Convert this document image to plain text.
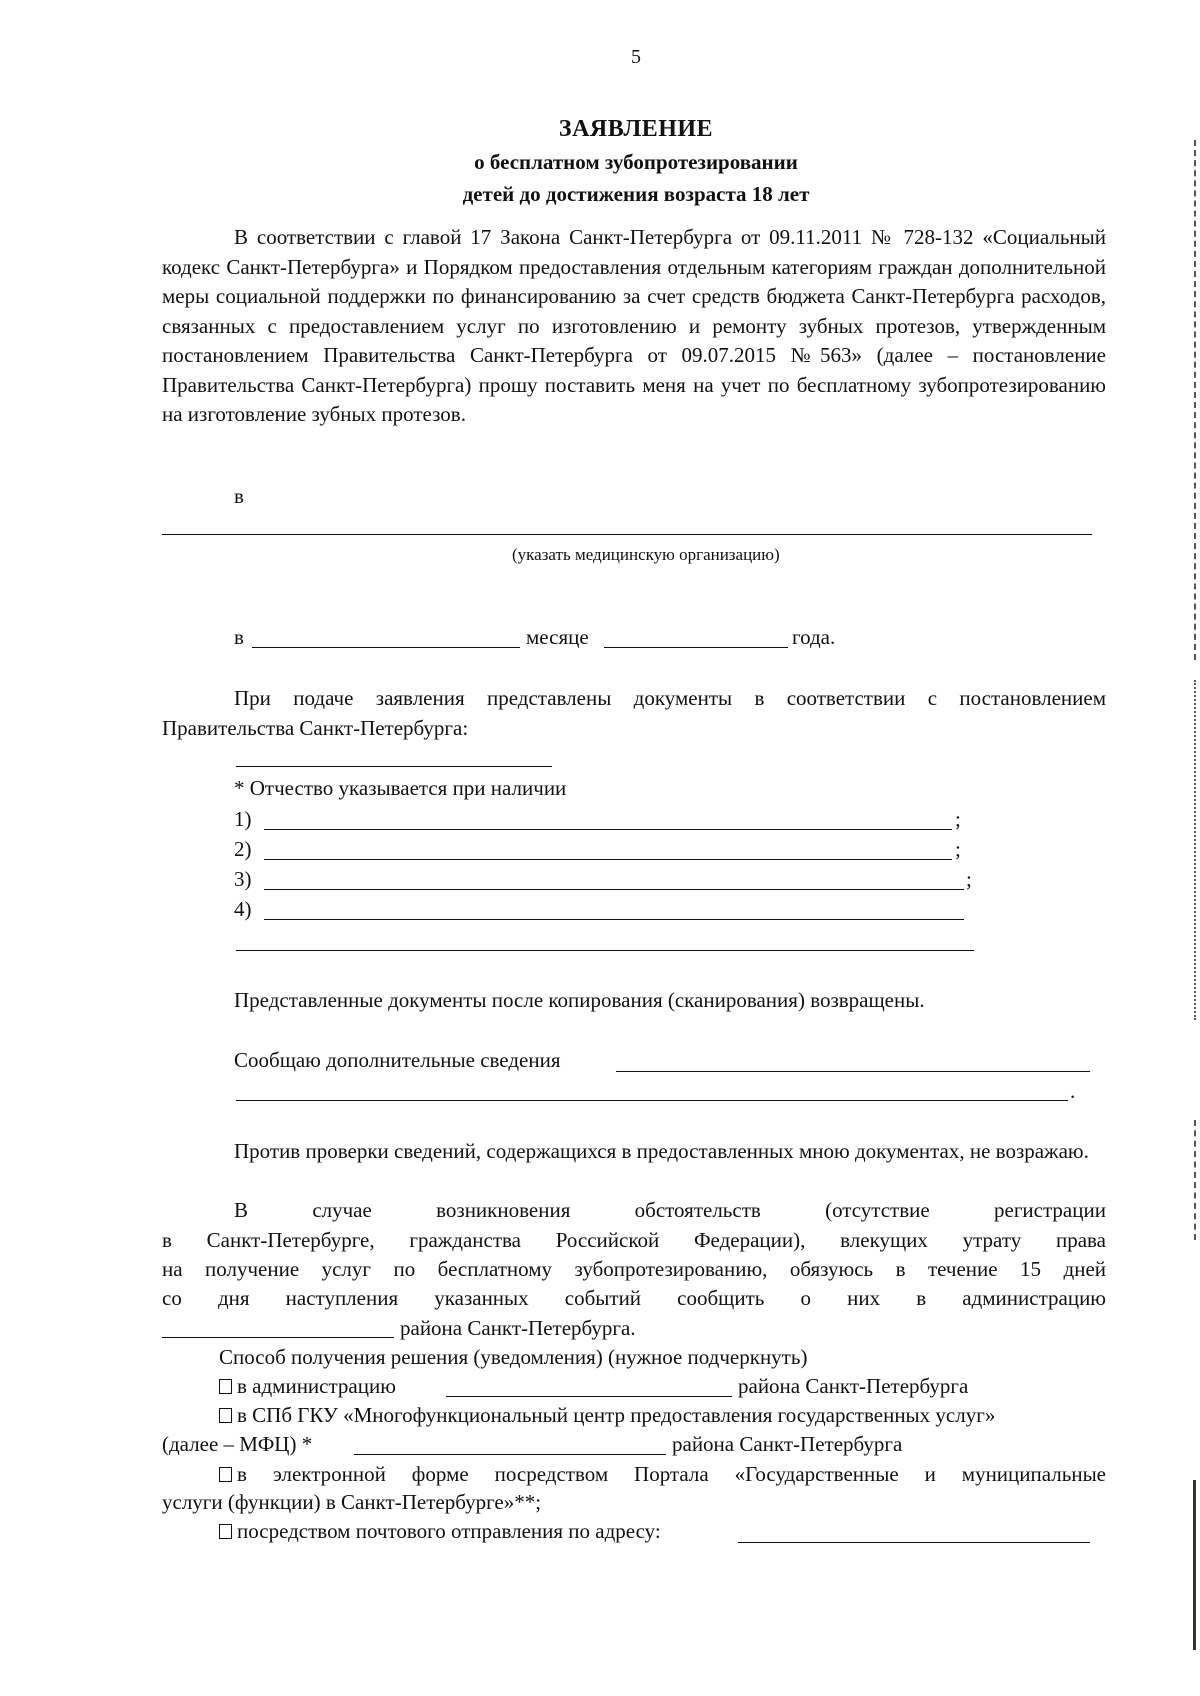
5
ЗАЯВЛЕНИЕ
о бесплатном зубопротезировании
детей до достижения возраста 18 лет
В соответствии с главой 17 Закона Санкт-Петербурга от 09.11.2011 № 728-132 «Социальный кодекс Санкт-Петербурга» и Порядком предоставления отдельным категориям граждан дополнительной меры социальной поддержки по финансированию за счет средств бюджета Санкт-Петербурга расходов, связанных с предоставлением услуг по изготовлению и ремонту зубных протезов, утвержденным постановлением Правительства Санкт-Петербурга от 09.07.2015 №563» (далее – постановление Правительства Санкт-Петербурга) прошу поставить меня на учет по бесплатному зубопротезированию на изготовление зубных протезов.
в
(указать медицинскую организацию)
в	месяце	года.
При подаче заявления представлены документы в соответствии с постановлением Правительства Санкт-Петербурга:
* Отчество указывается при наличии
1)	;
2)	;
3)	;
4)
Представленные документы после копирования (сканирования) возвращены.
Сообщаю дополнительные сведения
.
Против проверки сведений, содержащихся в предоставленных мною документах, не возражаю.
В	случае	возникновения	обстоятельств	(отсутствие	регистрации
в Санкт-Петербурге, гражданства Российской Федерации), влекущих утрату права
на получение услуг по бесплатному зубопротезированию, обязуюсь в течение 15 дней
со дня наступления указанных событий сообщить о них в администрацию
района Санкт-Петербурга.
Способ получения решения (уведомления) (нужное подчеркнуть)
в администрацию	района Санкт-Петербурга
в СПб ГКУ «Многофункциональный центр предоставления государственных услуг»
(далее – МФЦ) *	района Санкт-Петербурга
в электронной форме посредством Портала «Государственные и муниципальные
услуги (функции) в Санкт-Петербурге»**;
посредством почтового отправления по адресу:
